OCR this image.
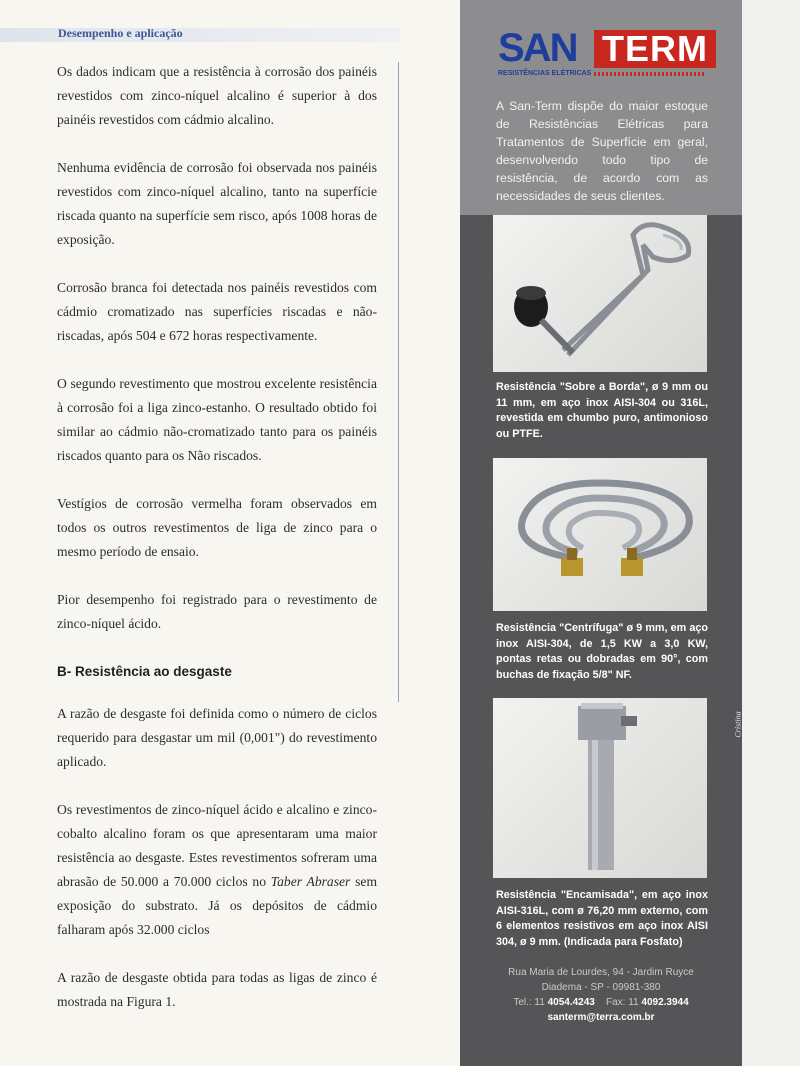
Desempenho e aplicação

Os dados indicam que a resistência à corrosão dos painéis revestidos com zinco-níquel alcalino é superior à dos painéis revestidos com cádmio alcalino.

Nenhuma evidência de corrosão foi observada nos painéis revestidos com zinco-níquel alcalino, tanto na superfície riscada quanto na superfície sem risco, após 1008 horas de exposição.

Corrosão branca foi detectada nos painéis revestidos com cádmio cromatizado nas superfícies riscadas e não-riscadas, após 504 e 672 horas respectivamente.

O segundo revestimento que mostrou excelente resistência à corrosão foi a liga zinco-estanho. O resultado obtido foi similar ao cádmio não-cromatizado tanto para os painéis riscados quanto para os Não riscados.

Vestígios de corrosão vermelha foram observados em todos os outros revestimentos de liga de zinco para o mesmo período de ensaio.

Pior desempenho foi registrado para o revestimento de zinco-níquel ácido.

B- Resistência ao desgaste

A razão de desgaste foi definida como o número de ciclos requerido para desgastar um mil (0,001") do revestimento aplicado.

Os revestimentos de zinco-níquel ácido e alcalino e zinco-cobalto alcalino foram os que apresentaram uma maior resistência ao desgaste. Estes revestimentos sofreram uma abrasão de 50.000 a 70.000 ciclos no Taber Abraser sem exposição do substrato. Já os depósitos de cádmio falharam após 32.000 ciclos

A razão de desgaste obtida para todas as ligas de zinco é mostrada na Figura 1.

SAN TERM
RESISTÊNCIAS ELÉTRICAS
A San-Term dispõe do maior estoque de Resistências Elétricas para Tratamentos de Superfície em geral, desenvolvendo todo tipo de resistência, de acordo com as necessidades de seus clientes.
Resistência "Sobre a Borda", ø 9 mm ou 11 mm, em aço inox AISI-304 ou 316L, revestida em chumbo puro, antimonioso ou PTFE.
Resistência "Centrífuga" ø 9 mm, em aço inox AISI-304, de 1,5 KW a 3,0 KW, pontas retas ou dobradas em 90°, com buchas de fixação 5/8" NF.
Resistência "Encamisada", em aço inox AISI-316L, com ø 76,20 mm externo, com 6 elementos resistivos em aço inox AISI 304, ø 9 mm. (Indicada para Fosfato)
Rua Maria de Lourdes, 94 - Jardim Ruyce
Diadema - SP - 09981-380
Tel.: 11 4054.4243 Fax: 11 4092.3944
santerm@terra.com.br
Cristina
